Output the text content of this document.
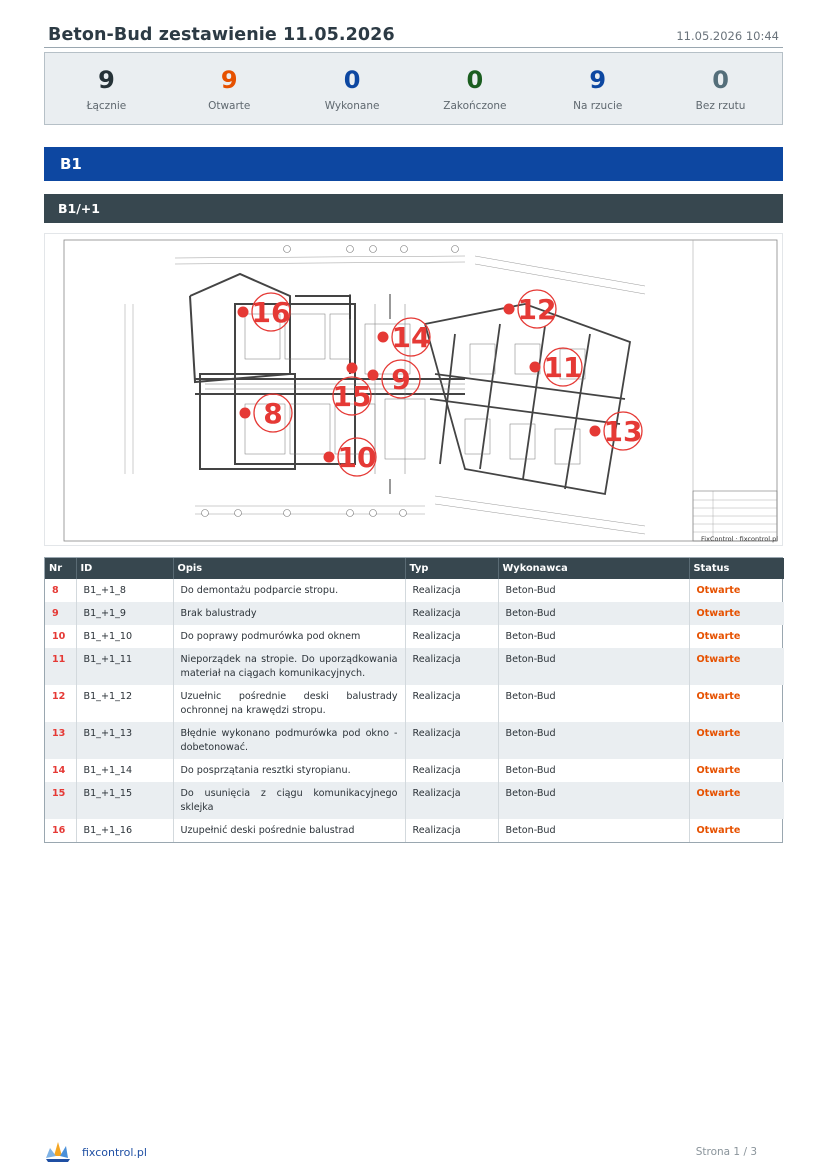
Beton-Bud zestawienie 11.05.2026	11.05.2026 10:44
9
Łącznie
9
Otwarte
0
Wykonane
0
Zakończone
9
Na rzucie
0
Bez rzutu
B1
B1/+1
16	12
14
9	11
15
8
13
10
FixControl · fixcontrol.pl
Nr	ID	Opis	Typ	Wykonawca	Status
8	B1_+1_8	Do demontażu podparcie stropu.	Realizacja	Beton-Bud	Otwarte
9	B1_+1_9	Brak balustrady	Realizacja	Beton-Bud	Otwarte
10	B1_+1_10	Do poprawy podmurówka pod oknem	Realizacja	Beton-Bud	Otwarte
11	B1_+1_11	Nieporządek na stropie. Do uporządkowania materiał na ciągach komunikacyjnych.	Realizacja	Beton-Bud	Otwarte
12	B1_+1_12	Uzuełnic pośrednie deski balustrady ochronnej na krawędzi stropu.	Realizacja	Beton-Bud	Otwarte
13	B1_+1_13	Błędnie wykonano podmurówka pod okno - dobetonować.	Realizacja	Beton-Bud	Otwarte
14	B1_+1_14	Do posprzątania resztki styropianu.	Realizacja	Beton-Bud	Otwarte
15	B1_+1_15	Do usunięcia z ciągu komunikacyjnego sklejka	Realizacja	Beton-Bud	Otwarte
16	B1_+1_16	Uzupełnić deski pośrednie balustrad	Realizacja	Beton-Bud	Otwarte
fixcontrol.pl	Strona 1 / 3
